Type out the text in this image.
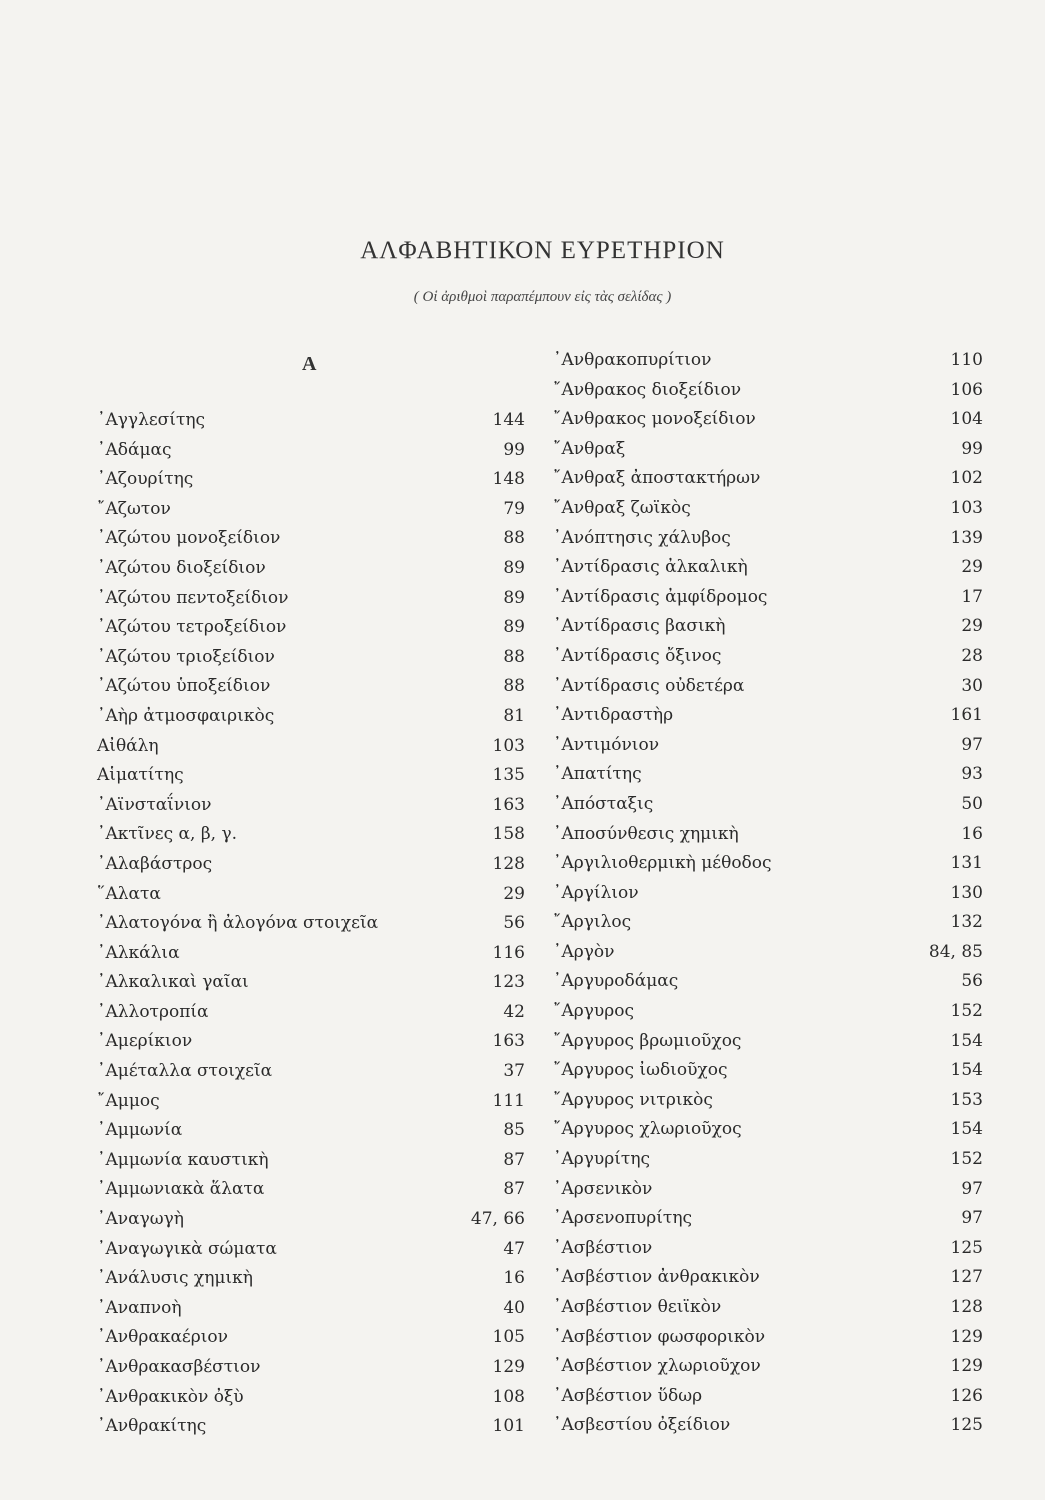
ΑΛΦΑΒΗΤΙΚΟΝ ΕΥΡΕΤΗΡΙΟΝ
( Οἱ ἀριθμοὶ παραπέμπουν εἰς τὰς σελίδας )
A
᾿Αγγλεσίτης	144
᾿Αδάμας	99
᾿Αζουρίτης	148
῎Αζωτον	79
᾿Αζώτου μονοξείδιον	88
᾿Αζώτου διοξείδιον	89
᾿Αζώτου πεντοξείδιον	89
᾿Αζώτου τετροξείδιον	89
᾿Αζώτου τριοξείδιον	88
᾿Αζώτου ὑποξείδιον	88
᾿Αὴρ ἀτμοσφαιρικὸς	81
Αἰθάλη	103
Αἱματίτης	135
᾿Αϊνσταΐνιον	163
᾿Ακτῖνες α, β, γ.	158
᾿Αλαβάστρος	128
῞Αλατα	29
᾿Αλατογόνα ἢ ἀλογόνα στοιχεῖα	56
᾿Αλκάλια	116
᾿Αλκαλικαὶ γαῖαι	123
᾿Αλλοτροπία	42
᾿Αμερίκιον	163
᾿Αμέταλλα στοιχεῖα	37
῎Αμμος	111
᾿Αμμωνία	85
᾿Αμμωνία καυστικὴ	87
᾿Αμμωνιακὰ ἅλατα	87
᾿Αναγωγὴ	47, 66
᾿Αναγωγικὰ σώματα	47
᾿Ανάλυσις χημικὴ	16
᾿Αναπνοὴ	40
᾿Ανθρακαέριον	105
᾿Ανθρακασβέστιον	129
᾿Ανθρακικὸν ὀξὺ	108
᾿Ανθρακίτης	101
᾿Ανθρακοπυρίτιον	110
῎Ανθρακος διοξείδιον	106
῎Ανθρακος μονοξείδιον	104
῎Ανθραξ	99
῎Ανθραξ ἀποστακτήρων	102
῎Ανθραξ ζωϊκὸς	103
᾿Ανόπτησις χάλυβος	139
᾿Αντίδρασις ἀλκαλικὴ	29
᾿Αντίδρασις ἀμφίδρομος	17
᾿Αντίδρασις βασικὴ	29
᾿Αντίδρασις ὄξινος	28
᾿Αντίδρασις οὐδετέρα	30
᾿Αντιδραστὴρ	161
᾿Αντιμόνιον	97
᾿Απατίτης	93
᾿Απόσταξις	50
᾿Αποσύνθεσις χημικὴ	16
᾿Αργιλιοθερμικὴ μέθοδος	131
᾿Αργίλιον	130
῎Αργιλος	132
᾿Αργὸν	84, 85
᾿Αργυροδάμας	56
῎Αργυρος	152
῎Αργυρος βρωμιοῦχος	154
῎Αργυρος ἰωδιοῦχος	154
῎Αργυρος νιτρικὸς	153
῎Αργυρος χλωριοῦχος	154
᾿Αργυρίτης	152
᾿Αρσενικὸν	97
᾿Αρσενοπυρίτης	97
᾿Ασβέστιον	125
᾿Ασβέστιον ἀνθρακικὸν	127
᾿Ασβέστιον θειϊκὸν	128
᾿Ασβέστιον φωσφορικὸν	129
᾿Ασβέστιον χλωριοῦχον	129
᾿Ασβέστιον ὕδωρ	126
᾿Ασβεστίου ὀξείδιον	125
